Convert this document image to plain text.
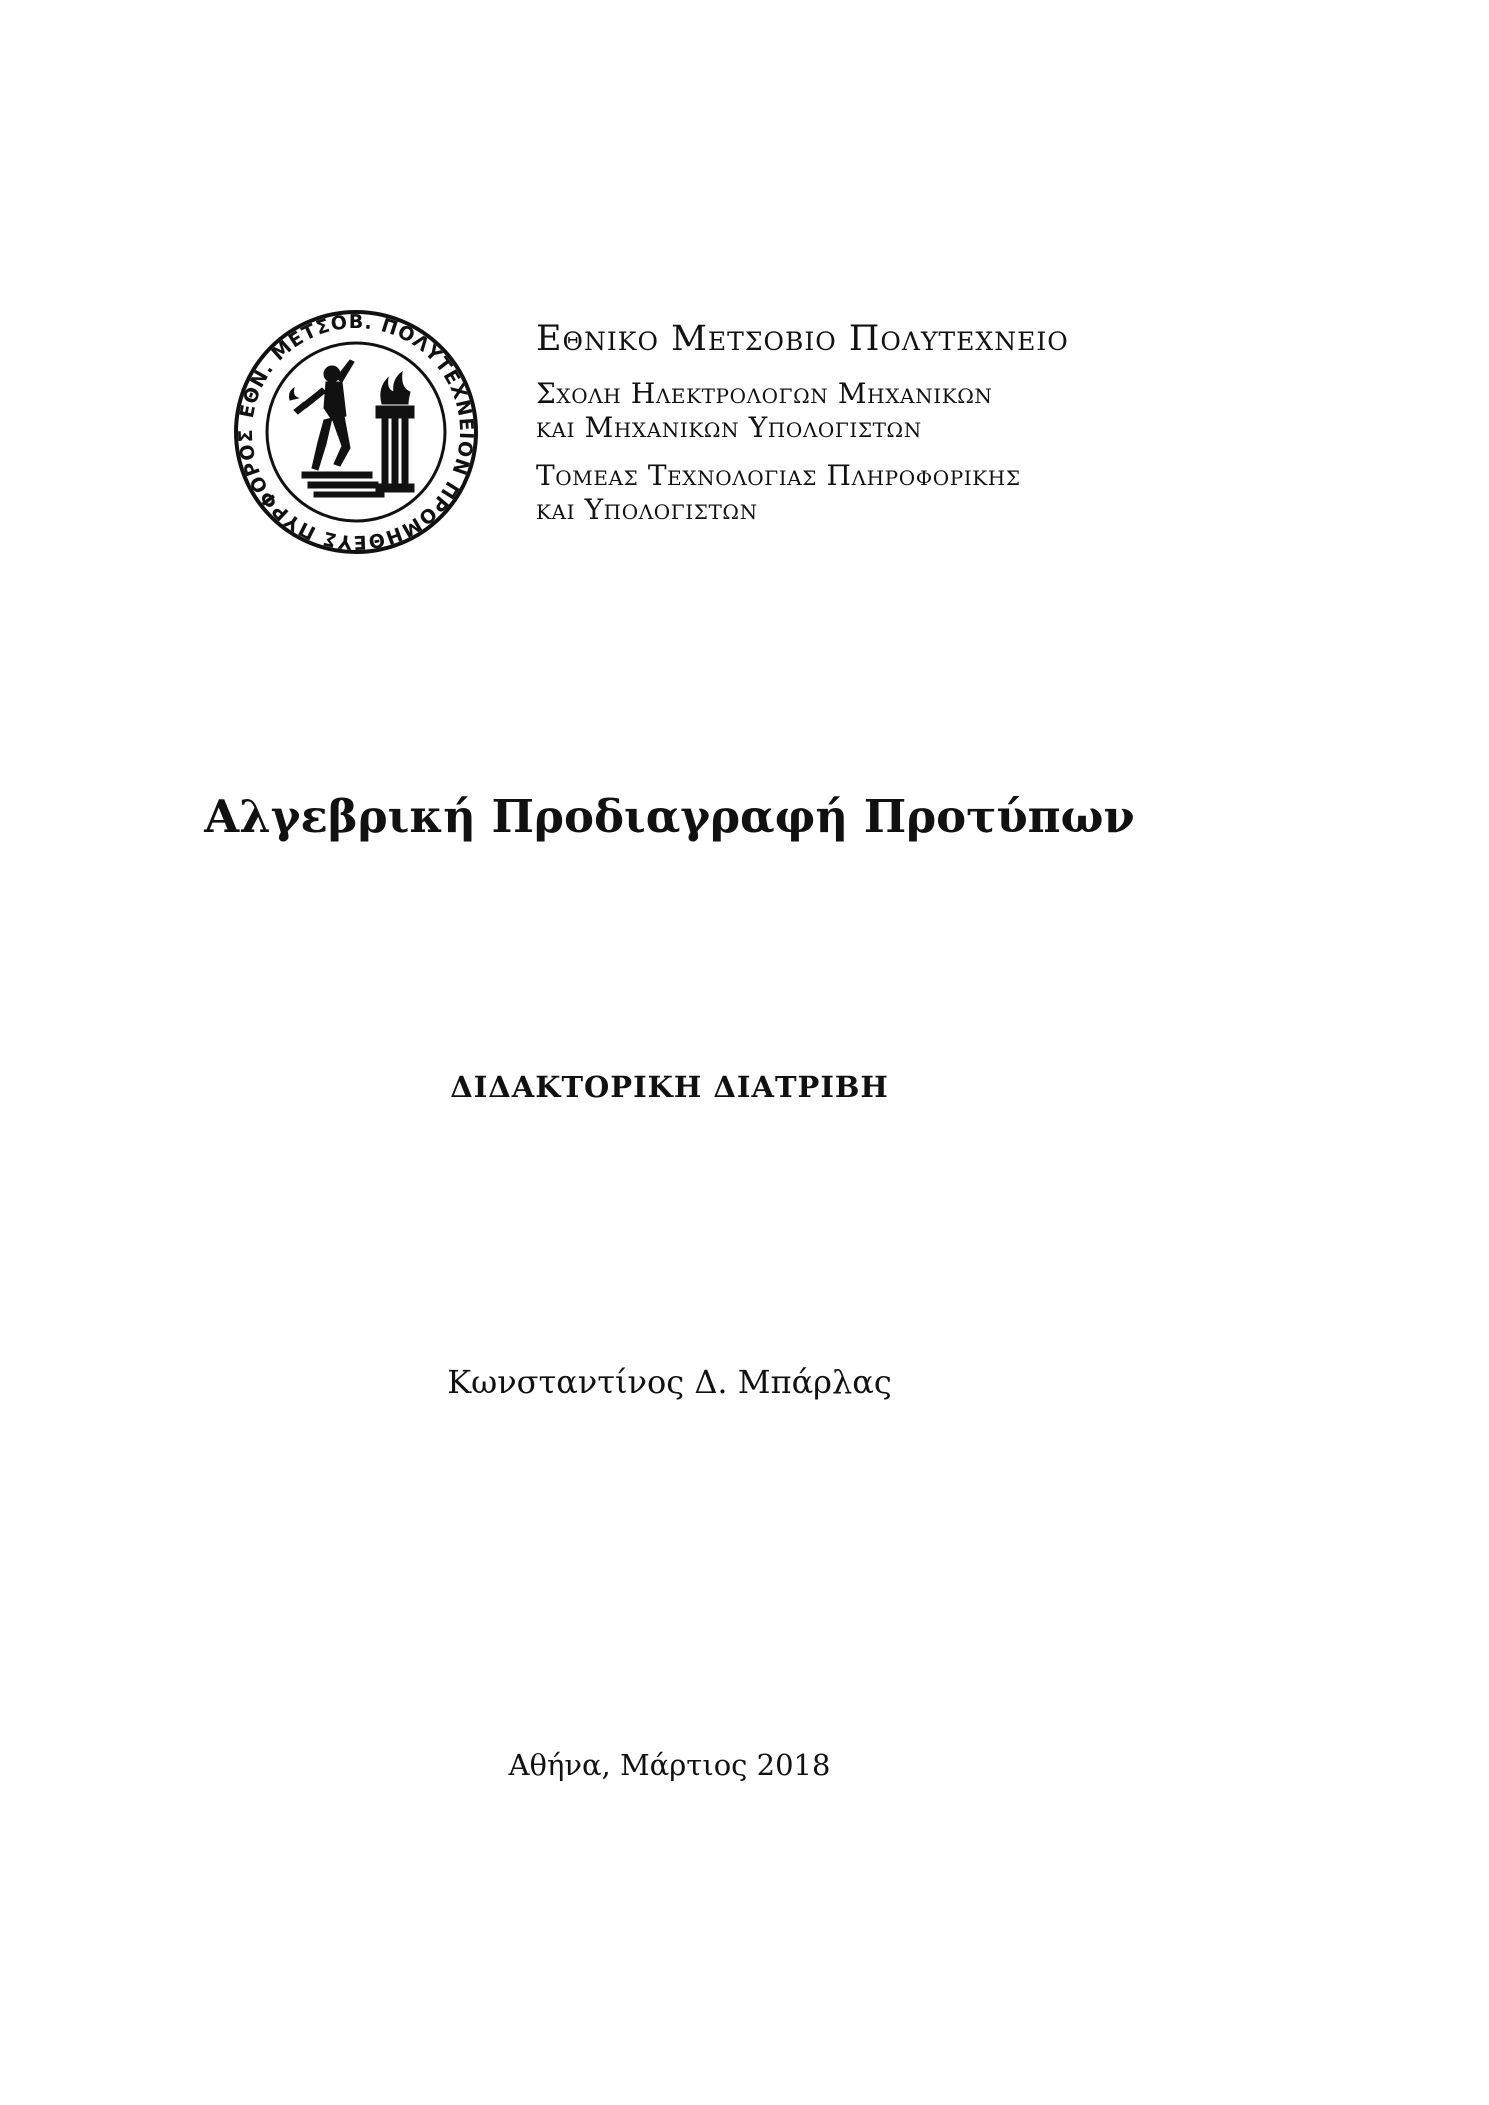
ΕΘΝ. ΜΕΤΣΟΒ. ΠΟΛΥΤΕΧΝΕΙΟΝ ΠΡΟΜΗΘΕΥΣ ΠΥΡΦΟΡΟΣ
Εθνικο Μετσοβιο Πολυτεχνειο
Σχολη Ηλεκτρολογων Μηχανικων
και Μηχανικων Υπολογιστων
Τομεας Τεχνολογιας Πληροφορικης
και Υπολογιστων
Αλγεβρική Προδιαγραφή Προτύπων
ΔΙΔΑΚΤΟΡΙΚΗ ΔΙΑΤΡΙΒΗ
Κωνσταντίνος Δ. Μπάρλας
Αθήνα, Μάρτιος 2018
